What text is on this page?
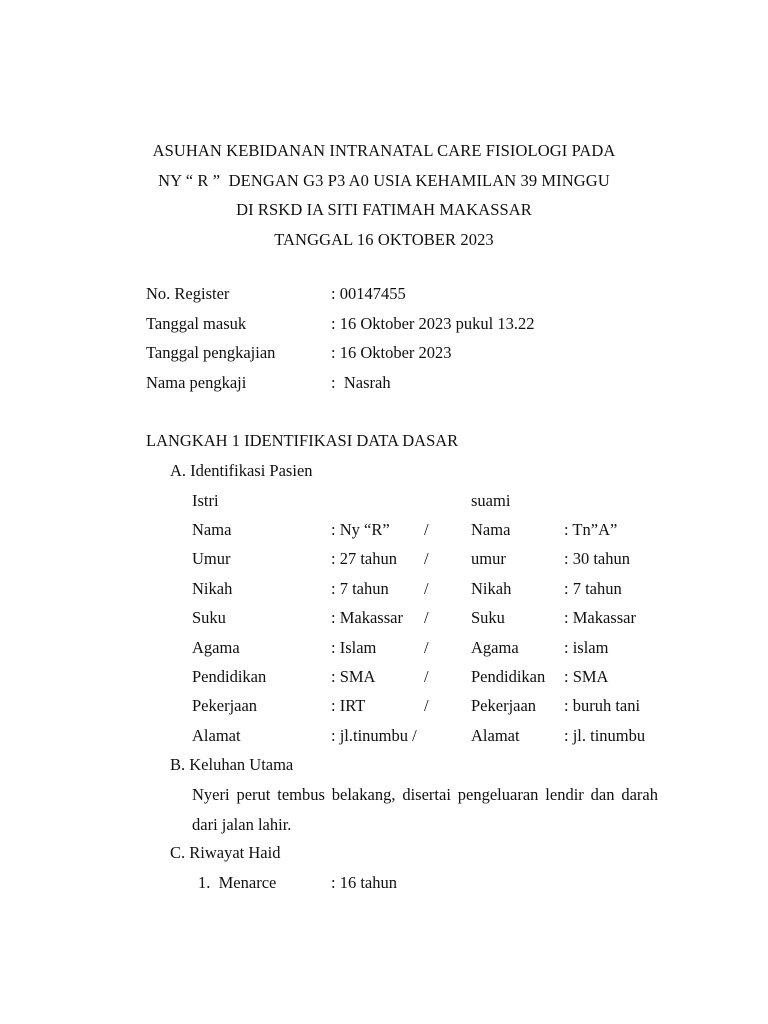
ASUHAN KEBIDANAN INTRANATAL CARE FISIOLOGI PADA
NY “ R ”  DENGAN G3 P3 A0 USIA KEHAMILAN 39 MINGGU
DI RSKD IA SITI FATIMAH MAKASSAR
TANGGAL 16 OKTOBER 2023
No. Register	: 00147455
Tanggal masuk	: 16 Oktober 2023 pukul 13.22
Tanggal pengkajian	: 16 Oktober 2023
Nama pengkaji	:  Nasrah
LANGKAH 1 IDENTIFIKASI DATA DASAR
A. Identifikasi Pasien
Istri	suami
Nama	: Ny “R” /	Nama	: Tn”A”
Umur	: 27 tahun /	umur	: 30 tahun
Nikah	: 7 tahun /	Nikah	: 7 tahun
Suku	: Makassar /	Suku	: Makassar
Agama	: Islam	/	Agama	: islam
Pendidikan	: SMA	/	Pendidikan : SMA
Pekerjaan	: IRT	/	Pekerjaan : buruh tani
Alamat	: jl.tinumbu /	Alamat	: jl. tinumbu
B. Keluhan Utama
Nyeri perut tembus belakang, disertai pengeluaran lendir dan darah dari jalan lahir.
C. Riwayat Haid
1.  Menarce	: 16 tahun
